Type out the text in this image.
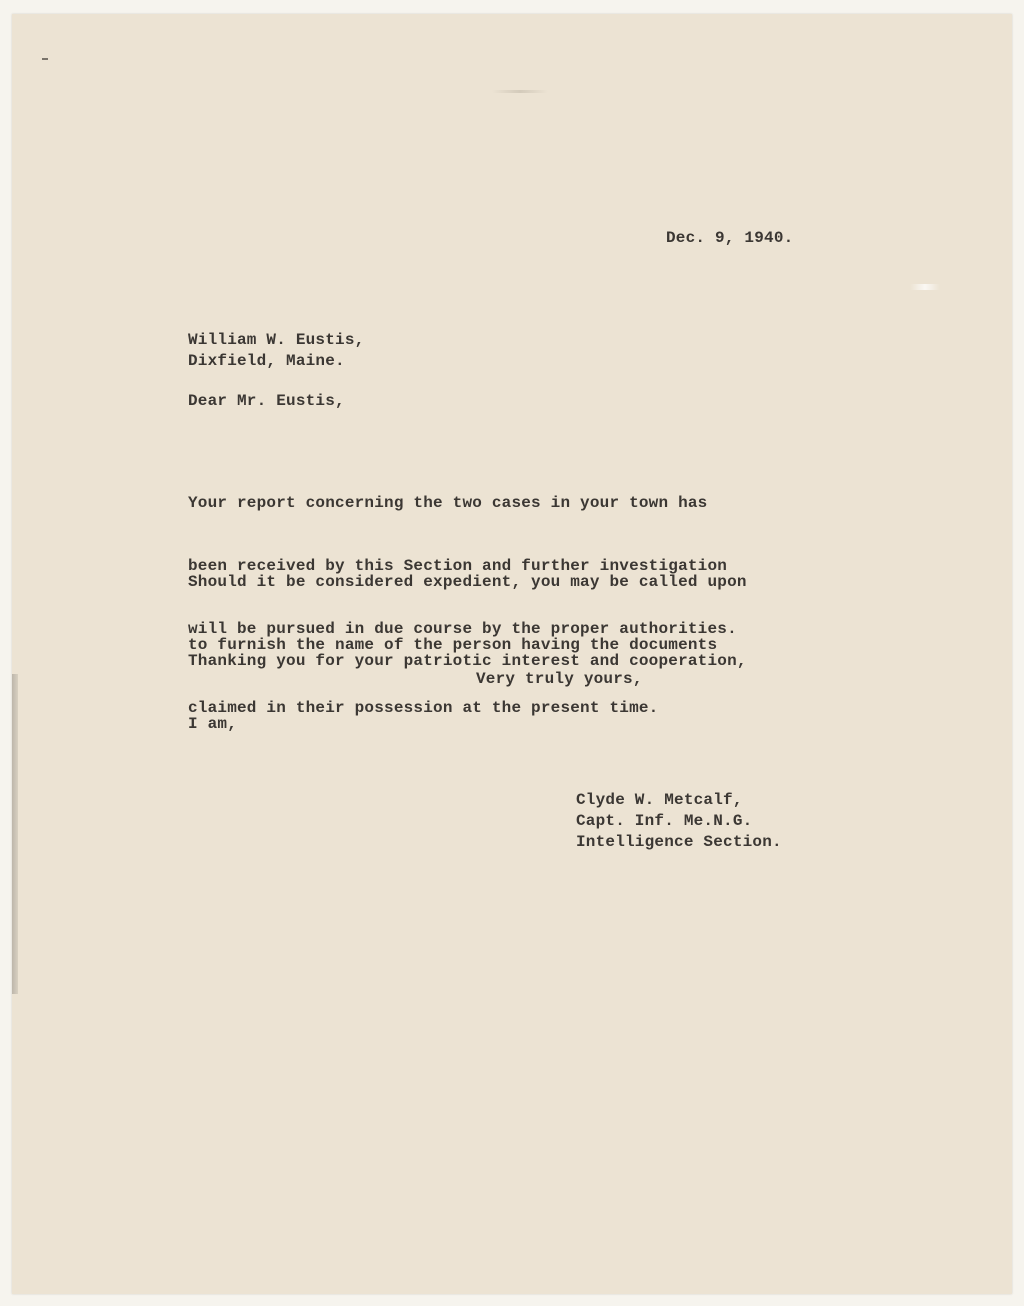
Dec. 9, 1940.
William W. Eustis,
Dixfield, Maine.
Dear Mr. Eustis,

Your report concerning the two cases in your town has

been received by this Section and further investigation

will be pursued in due course by the proper authorities.

Should it be considered expedient, you may be called upon

to furnish the name of the person having the documents

claimed in their possession at the present time.

Thanking you for your patriotic interest and cooperation,

I am,

Very truly yours,
Clyde W. Metcalf,
Capt. Inf. Me.N.G.
Intelligence Section.
